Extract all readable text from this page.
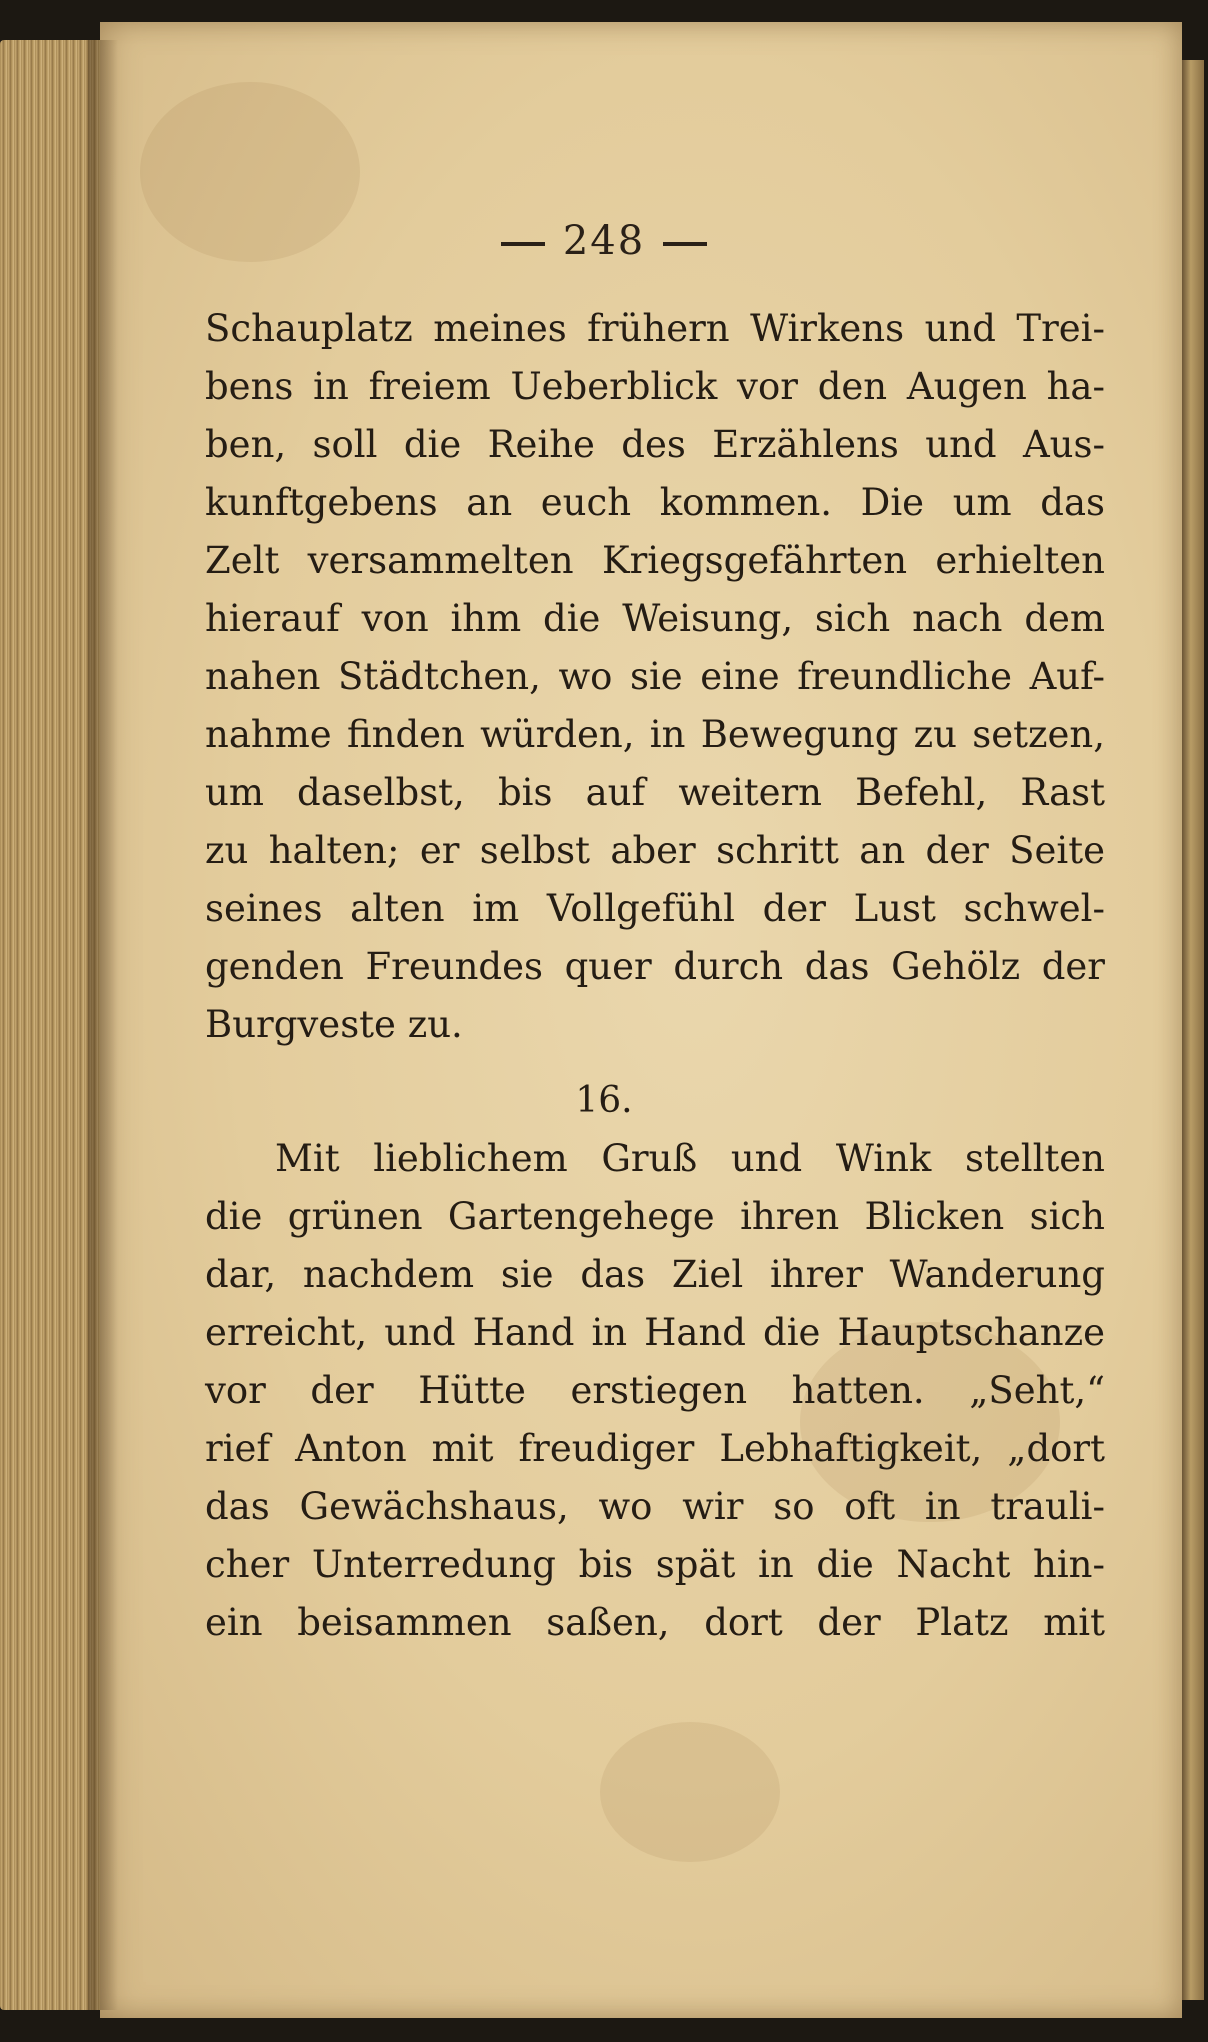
248
Schauplatz meines frühern Wirkens und Trei-
bens in freiem Ueberblick vor den Augen ha-
ben, soll die Reihe des Erzählens und Aus-
kunftgebens an euch kommen. Die um das
Zelt versammelten Kriegsgefährten erhielten
hierauf von ihm die Weisung, sich nach dem
nahen Städtchen, wo sie eine freundliche Auf-
nahme finden würden, in Bewegung zu setzen,
um daselbst, bis auf weitern Befehl, Rast
zu halten; er selbst aber schritt an der Seite
seines alten im Vollgefühl der Lust schwel-
genden Freundes quer durch das Gehölz der
Burgveste zu.
16.
Mit lieblichem Gruß und Wink stellten
die grünen Gartengehege ihren Blicken sich
dar, nachdem sie das Ziel ihrer Wanderung
erreicht, und Hand in Hand die Hauptschanze
vor der Hütte erstiegen hatten. „Seht,“
rief Anton mit freudiger Lebhaftigkeit, „dort
das Gewächshaus, wo wir so oft in trauli-
cher Unterredung bis spät in die Nacht hin-
ein beisammen saßen, dort der Platz mit
